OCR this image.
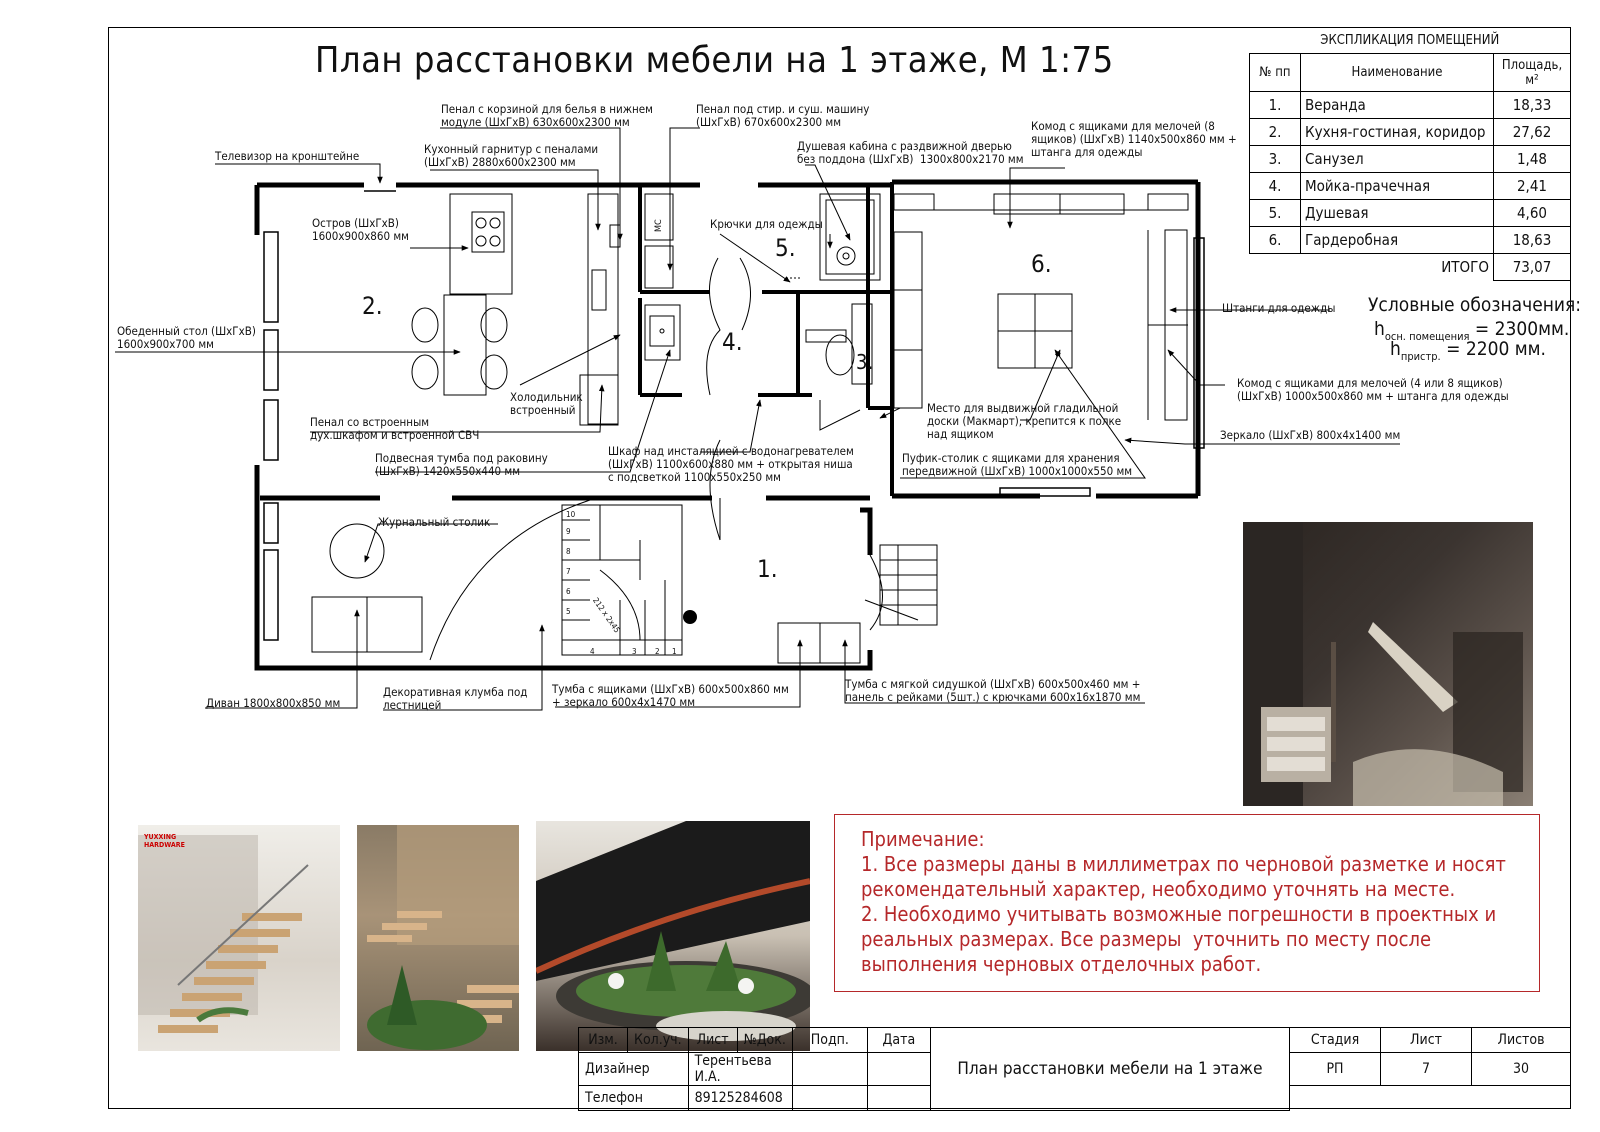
План расстановки мебели на 1 этаже, М 1:75
2.
4.
5.
3.
6.
1.
МС
10
9
8
7
6
5
4	3 2 1
212 х 2х45
Телевизор на кронштейне
Пенал с корзиной для белья в нижнем
модуле (ШхГхВ) 630х600х2300 мм
Пенал под стир. и суш. машину
(ШхГхВ) 670х600х2300 мм
Кухонный гарнитур с пеналами
(ШхГхВ) 2880х600х2300 мм
Душевая кабина с раздвижной дверью
без поддона (ШхГхВ)  1300х800х2170 мм
Комод с ящиками для мелочей (8
ящиков) (ШхГхВ) 1140х500х860 мм +
штанга для одежды
Остров (ШхГхВ)
1600х900х860 мм
Крючки для одежды
Обеденный стол (ШхГхВ)
1600х900х700 мм
Штанги для одежды
Холодильник
встроенный
Комод с ящиками для мелочей (4 или 8 ящиков)
(ШхГхВ) 1000х500х860 мм + штанга для одежды
Пенал со встроенным
дух.шкафом и встроенной СВЧ
Место для выдвижной гладильной
доски (Макмарт), крепится к полке
над ящиком	Зеркало (ШхГхВ) 800х4х1400 мм
Подвесная тумба под раковину
(ШхГхВ) 1420х550х440 мм
Шкаф над инсталяцией с водонагревателем
(ШхГхВ) 1100х600х880 мм + открытая ниша
с подсветкой 1100х550х250 мм
Пуфик-столик с ящиками для хранения
передвижной (ШхГхВ) 1000х1000х550 мм
Журнальный столик
Диван 1800х800х850 мм
Декоративная клумба под
лестницей
Тумба с ящиками (ШхГхВ) 600х500х860 мм
+ зеркало 600х4х1470 мм
Тумба с мягкой сидушкой (ШхГхВ) 600х500х460 мм +
панель с рейками (5шт.) с крючками 600х16х1870 мм
ЭКСПЛИКАЦИЯ ПОМЕЩЕНИЙ		
№ пп	Наименование	Площадь, м²
1.	Веранда	18,33
2.	Кухня-гостиная, коридор	27,62
3.	Санузел	1,48
4.	Мойка-прачечная	2,41
5.	Душевая	4,60
6.	Гардеробная	18,63
ИТОГО		73,07
Условные обозначения:
$h_{осн. помещения} = 2300мм$.
$h_{пристр.} = 2200$ мм.
YUXXING
HARDWARE	Примечание:
1. Все размеры даны в миллиметрах по черновой разметке и носят
рекомендательный характер, необходимо уточнять на месте.
2. Необходимо учитывать возможные погрешности в проектных и
реальных размерах. Все размеры  уточнить по месту после
выполнения черновых отделочных работ.
Изм.	Кол.уч.	Лист	№Док.	Подп.	Дата	План расстановки мебели на 1 этаже	Стадия	Лист	Листов
Дизайнер		Терентьева И.А.					РП	7	30
Телефон		89125284608							
